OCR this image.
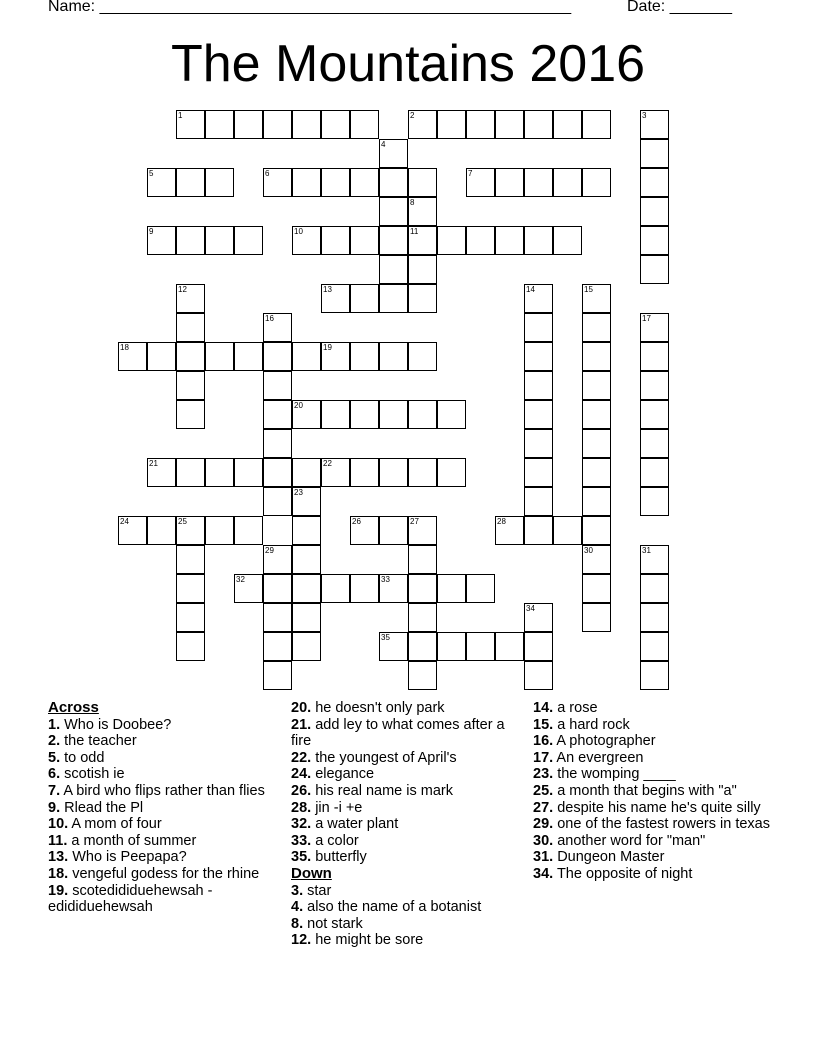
Name: _____________________________________________________	Date: _______
The Mountains 2016
1	2	3
4
5	6	7
8
11
9	10
12	13	14	15
30
16	17
18	19
20
21	22
23
24	25	26	27	28
29	31
32	33
34
35
Across
1. Who is Doobee?
2. the teacher
5. to odd
6. scotish ie
7. A bird who flips rather than flies
9. Rlead the Pl
10. A mom of four
11. a month of summer
13. Who is Peepapa?
18. vengeful godess for the rhine
19. scotedididuehewsah -edididuehewsah
20. he doesn't only park
21. add ley to what comes after a fire
22. the youngest of April's
24. elegance
26. his real name is mark
28. jin -i +e
32. a water plant
33. a color
35. butterfly
Down
3. star
4. also the name of a botanist
8. not stark
12. he might be sore
14. a rose
15. a hard rock
16. A photographer
17. An evergreen
23. the womping ____
25. a month that begins with "a"
27. despite his name he's quite silly
29. one of the fastest rowers in texas
30. another word for "man"
31. Dungeon Master
34. The opposite of night
